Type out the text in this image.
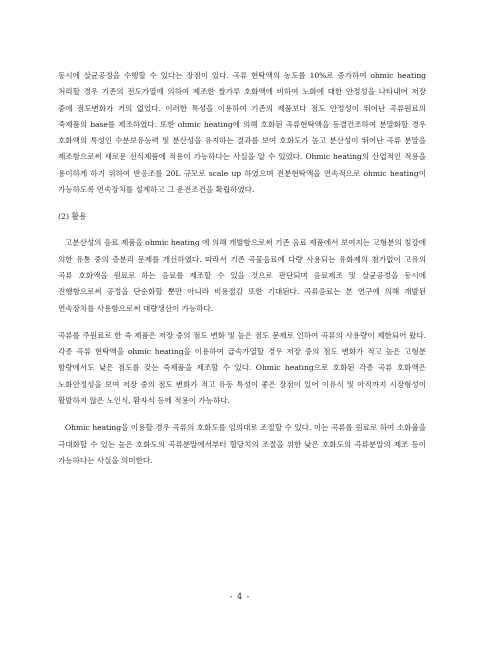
동시에 살균공정을 수행할 수 있다는 장점이 있다. 곡류 현탁액의 농도를 10%로 증가하여 ohmic heating 처리할 경우 기존의 전도가열에 의하여 제조한 쌀가루 호화액에 비하여 노화에 대한 안정성을 나타내어 저장 중에 점도변화가 거의 없었다. 이러한 특성을 이용하여 기존의 제품보다 점도 안정성이 뛰어난 곡류원료의 죽제품의 base를 제조하였다. 또한 ohmic heating에 의해 호화된 곡류현탁액을 동결건조하여 분말화할 경우 호화액의 특성인 수분보유능력 및 분산성을 유지하는 결과를 보여 호화도가 높고 분산성이 뛰어난 곡류 분말을 제조함으로써 새로운 선식제품에 적용이 가능하다는 사실을 알 수 있었다. Ohmic heating의 산업적인 적용을 용이하게 하기 위하여 반응조를 20L 규모로 scale up 하였으며 전분현탁액을 연속적으로 ohmic heating이 가능하도록 연속장치를 설계하고 그 운전조건을 확립하였다.

(2) 활용

고분산성의 음료 제품을 ohmic heating 에 의해 개발함으로써 기존 음료 제품에서 보여지는 고형분의 침강에 의한 유통 중의 층분리 문제를 개선하였다. 따라서 기존 곡물음료에 다량 사용되는 유화제의 첨가없이 고유의 곡류 호화액을 원료로 하는 음료를 제조할 수 있을 것으로 판단되며 음료제조 및 살균공정을 동시에 진행함으로써 공정을 단순화할 뿐만 아니라 비용절감 또한 기대된다. 곡류음료는 본 연구에 의해 개발된 연속장치를 사용함으로써 대량생산이 가능하다.

곡류를 주원료로 한 죽 제품은 저장 중의 점도 변화 및 높은 점도 문제로 인하여 곡류의 사용량이 제한되어 왔다. 각종 곡류 현탁액을 ohmic heating을 이용하여 급속가열할 경우 저장 중의 점도 변화가 적고 높은 고형분 함량에서도 낮은 점도를 갖는 죽제품을 제조할 수 있다. Ohmic heating으로 호화된 각종 곡류 호화액은 노화안정성을 보여 저장 중의 점도 변화가 적고 유동 특성이 좋은 장점이 있어 이유식 및 아직까지 시장형성이 활발하지 않은 노인식, 환자식 등에 적용이 가능하다.

Ohmic heating을 이용할 경우 곡류의 호화도를 임의대로 조절할 수 있다. 이는 곡류를 원료로 하여 소화율을 극대화할 수 있는 높은 호화도의 곡류분말에서부터 혈당치의 조절을 위한 낮은 호화도의 곡류분말의 제조 등이 가능하다는 사실을 의미한다.

- 4 -
